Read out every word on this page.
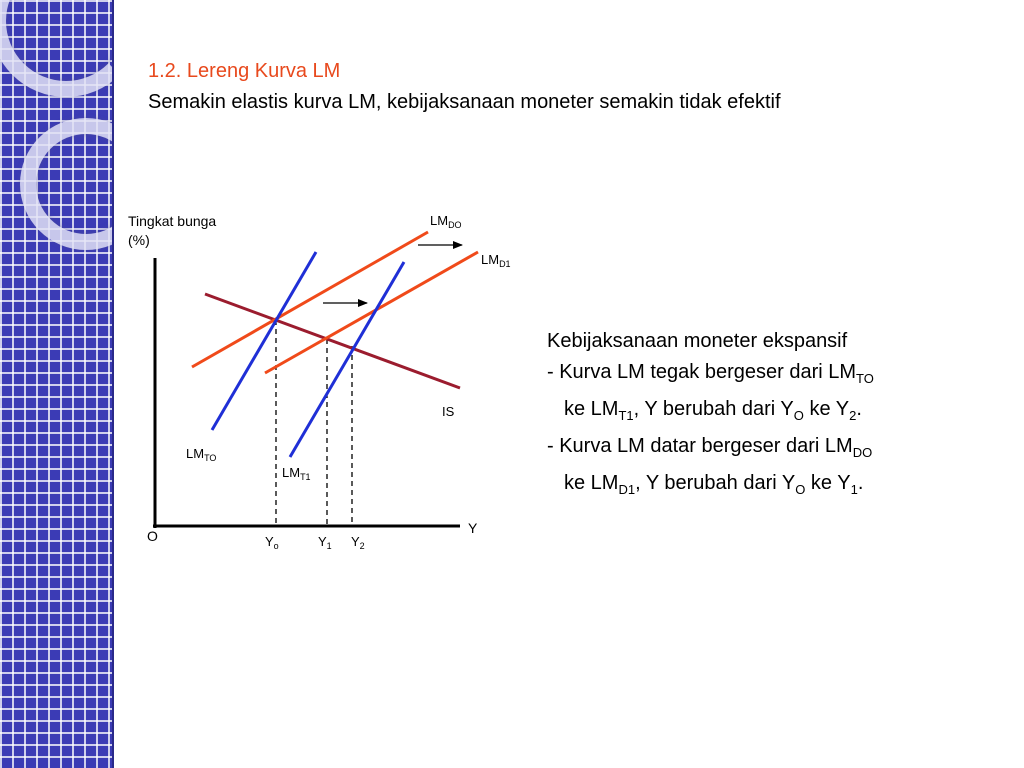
1.2. Lereng Kurva LM
Semakin elastis kurva LM, kebijaksanaan moneter semakin tidak efektif
Tingkat bunga
(%)
Y
O
$LM_{DO}$
$LM_{D1}$
IS
$LM_{TO}$
$LM_{T1}$
$Y_o$	$Y_1$ $Y_2$
Kebijaksanaan moneter ekspansif
- Kurva LM tegak bergeser dari $LM_{TO}$
ke $LM_{T1}$, Y berubah dari $Y_O$ ke $Y_2$.
- Kurva LM datar bergeser dari $LM_{DO}$
ke $LM_{D1}$, Y berubah dari $Y_O$ ke $Y_1$.
